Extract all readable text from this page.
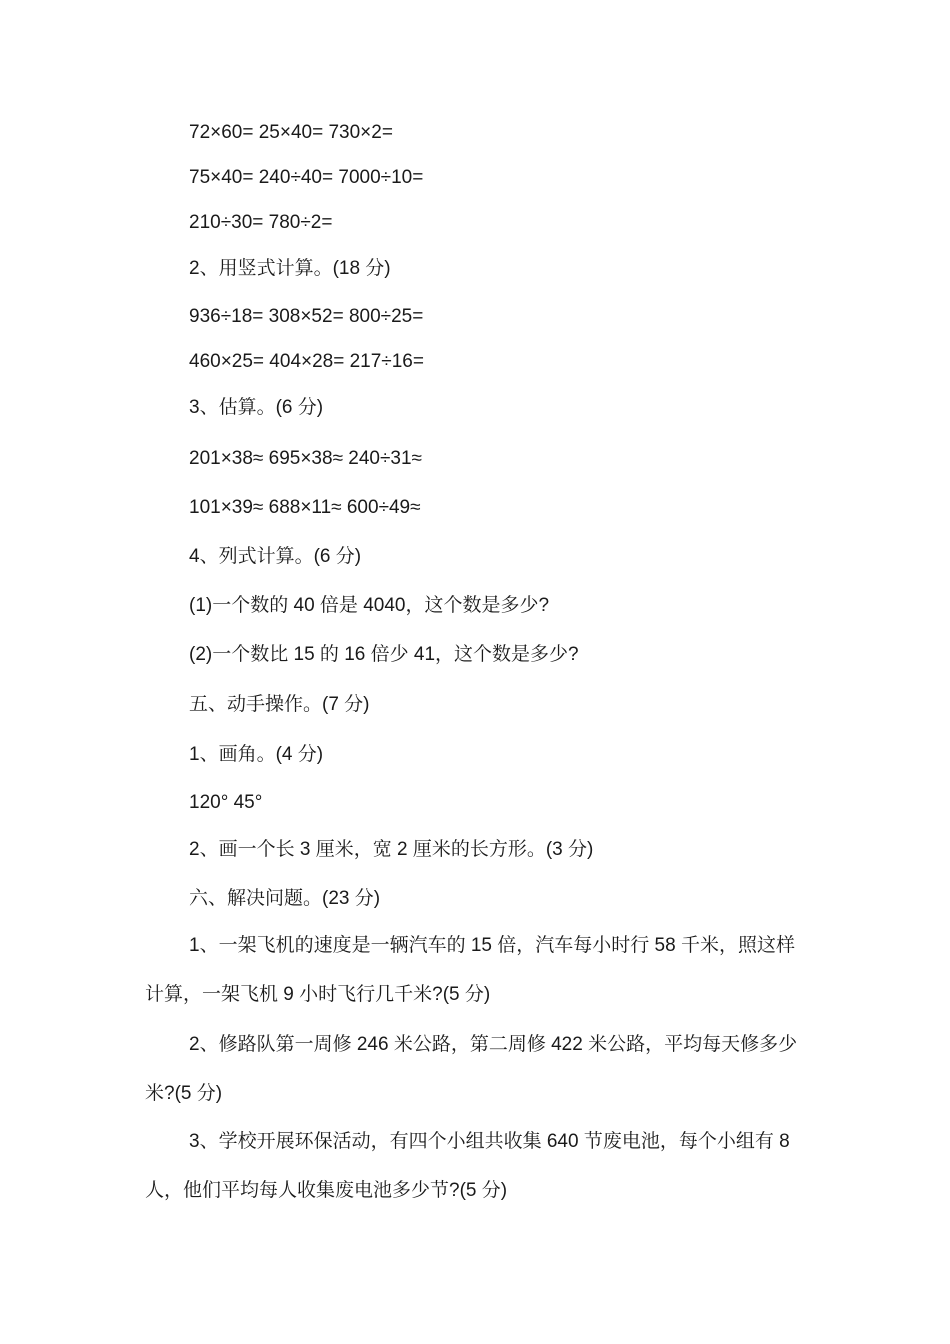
72×60= 25×40= 730×2=
75×40= 240÷40= 7000÷10=
210÷30= 780÷2=
2、用竖式计算。(18 分)
936÷18= 308×52= 800÷25=
460×25= 404×28= 217÷16=
3、估算。(6 分)
201×38≈ 695×38≈ 240÷31≈
101×39≈ 688×11≈ 600÷49≈
4、列式计算。(6 分)
(1)一个数的 40 倍是 4040，这个数是多少?
(2)一个数比 15 的 16 倍少 41，这个数是多少?
五、动手操作。(7 分)
1、画角。(4 分)
120° 45°
2、画一个长 3 厘米，宽 2 厘米的长方形。(3 分)
六、解决问题。(23 分)
1、一架飞机的速度是一辆汽车的 15 倍，汽车每小时行 58 千米，照这样计算，一架飞机 9 小时飞行几千米?(5 分)
2、修路队第一周修 246 米公路，第二周修 422 米公路，平均每天修多少米?(5 分)
3、学校开展环保活动，有四个小组共收集 640 节废电池，每个小组有 8 人，他们平均每人收集废电池多少节?(5 分)
